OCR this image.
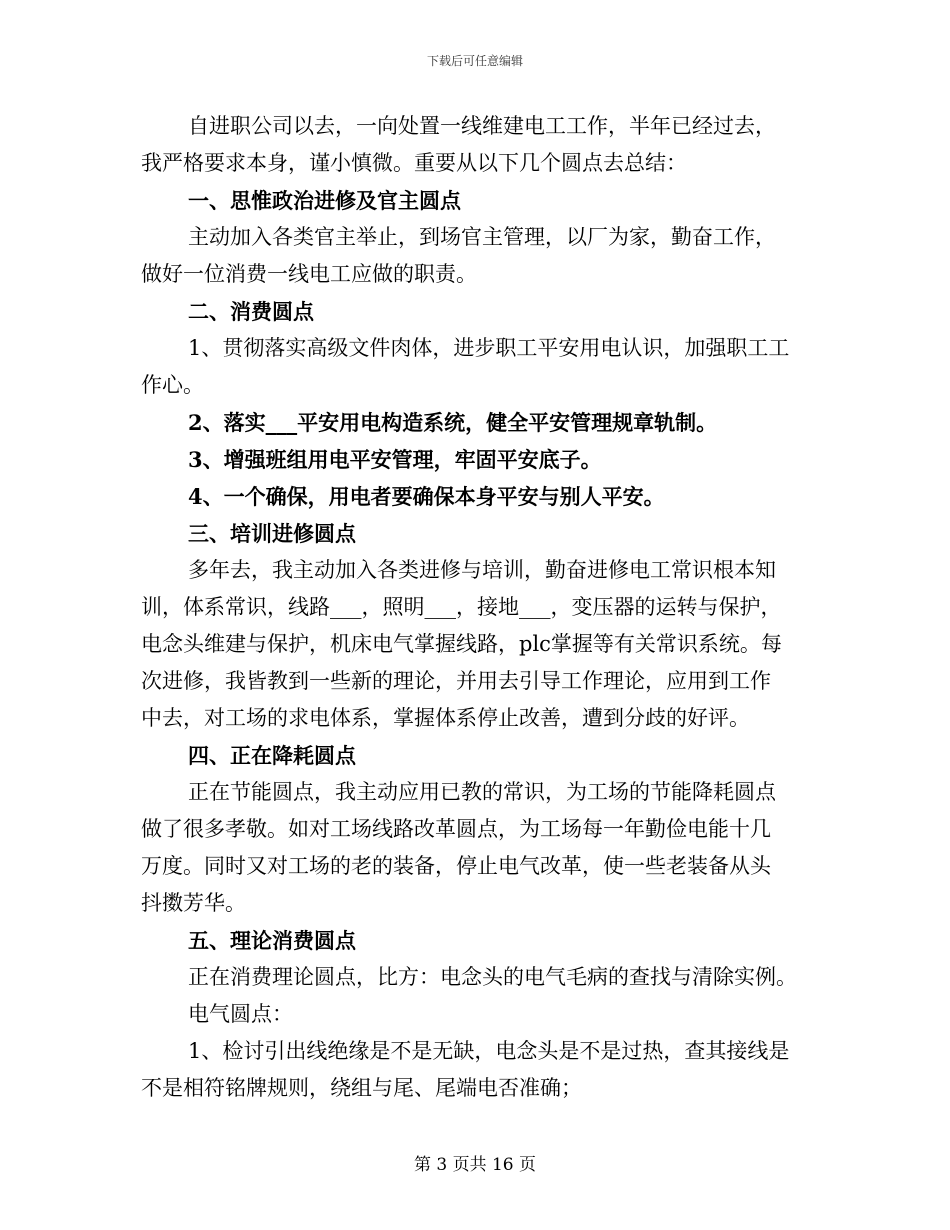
下载后可任意编辑

自进职公司以去，一向处置一线维建电工工作，半年已经过去，

我严格要求本身，谨小慎微。重要从以下几个圆点去总结：

一、思惟政治进修及官主圆点

主动加入各类官主举止，到场官主管理，以厂为家，勤奋工作，

做好一位消费一线电工应做的职责。

二、消费圆点

1、贯彻落实高级文件肉体，进步职工平安用电认识，加强职工工

作心。

2、落实___平安用电构造系统，健全平安管理规章轨制。

3、增强班组用电平安管理，牢固平安底子。

4、一个确保，用电者要确保本身平安与别人平安。

三、培训进修圆点

多年去，我主动加入各类进修与培训，勤奋进修电工常识根本知

训，体系常识，线路___，照明___，接地___，变压器的运转与保护，

电念头维建与保护，机床电气掌握线路，plc掌握等有关常识系统。每

次进修，我皆教到一些新的理论，并用去引导工作理论，应用到工作

中去，对工场的求电体系，掌握体系停止改善，遭到分歧的好评。

四、正在降耗圆点

正在节能圆点，我主动应用已教的常识，为工场的节能降耗圆点

做了很多孝敬。如对工场线路改革圆点，为工场每一年勤俭电能十几

万度。同时又对工场的老的装备，停止电气改革，使一些老装备从头

抖擞芳华。

五、理论消费圆点

正在消费理论圆点，比方：电念头的电气毛病的查找与清除实例。

电气圆点：

1、检讨引出线绝缘是不是无缺，电念头是不是过热，查其接线是

不是相符铭牌规则，绕组与尾、尾端电否准确；

第 3 页共 16 页
